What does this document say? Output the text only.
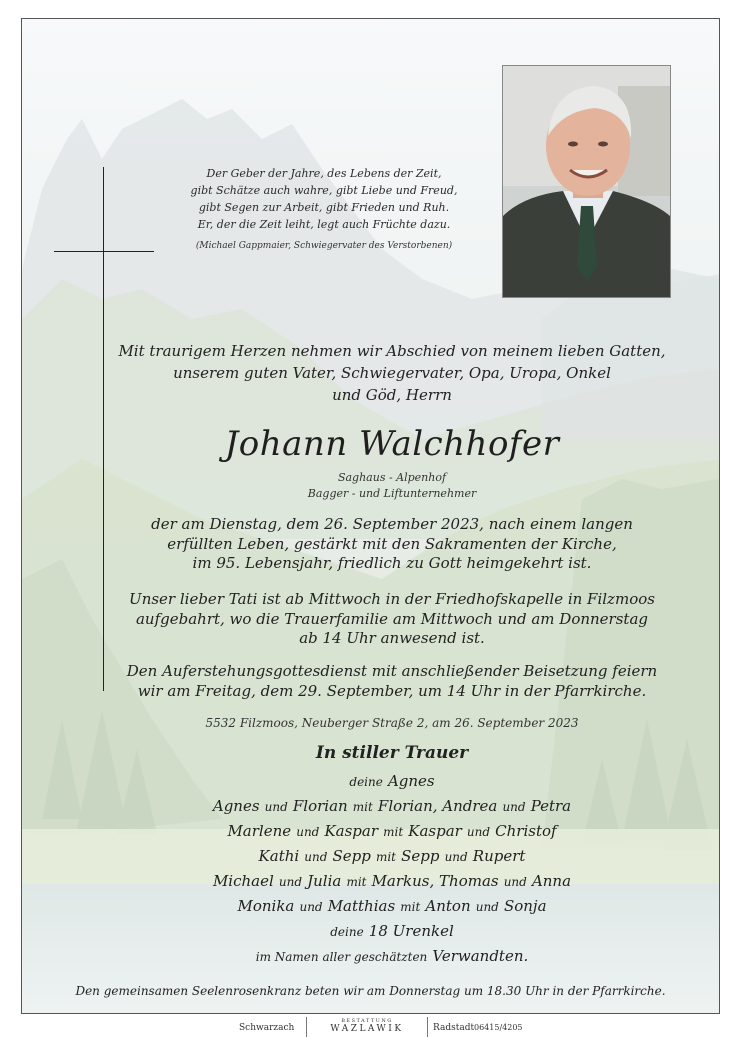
Der Geber der Jahre, des Lebens der Zeit,
gibt Schätze auch wahre, gibt Liebe und Freud,
gibt Segen zur Arbeit, gibt Frieden und Ruh.
Er, der die Zeit leiht, legt auch Früchte dazu.
(Michael Gappmaier, Schwiegervater des Verstorbenen)
Mit traurigem Herzen nehmen wir Abschied von meinem lieben Gatten,
unserem guten Vater, Schwiegervater, Opa, Uropa, Onkel
und Göd, Herrn
Johann Walchhofer
Saghaus - Alpenhof
Bagger - und Liftunternehmer
der am Dienstag, dem 26. September 2023, nach einem langen
erfüllten Leben, gestärkt mit den Sakramenten der Kirche,
im 95. Lebensjahr, friedlich zu Gott heimgekehrt ist.
Unser lieber Tati ist ab Mittwoch in der Friedhofskapelle in Filzmoos
aufgebahrt, wo die Trauerfamilie am Mittwoch und am Donnerstag
ab 14 Uhr anwesend ist.
Den Auferstehungsgottesdienst mit anschließender Beisetzung feiern
wir am Freitag, dem 29. September, um 14 Uhr in der Pfarrkirche.
5532 Filzmoos, Neuberger Straße 2, am 26. September 2023
In stiller Trauer
deine Agnes
Agnes und Florian mit Florian, Andrea und Petra
Marlene und Kaspar mit Kaspar und Christof
Kathi und Sepp mit Sepp und Rupert
Michael und Julia mit Markus, Thomas und Anna
Monika und Matthias mit Anton und Sonja
deine 18 Urenkel
im Namen aller geschätzten Verwandten.
Den gemeinsamen Seelenrosenkranz beten wir am Donnerstag um 18.30 Uhr in der Pfarrkirche.
Schwarzach
BESTATTUNG
WAZLAWIK	Radstadt 06415/4205
